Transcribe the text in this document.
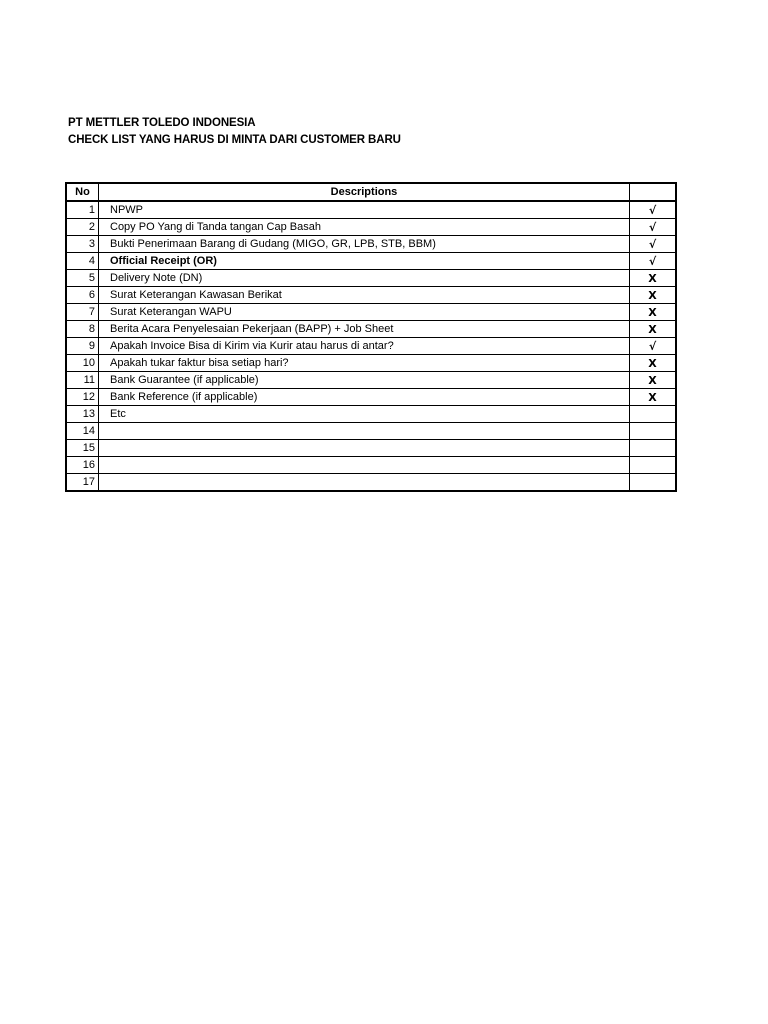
PT METTLER TOLEDO INDONESIA
CHECK LIST YANG HARUS DI MINTA DARI CUSTOMER BARU
No	Descriptions	
1	NPWP	√
2	Copy PO Yang di Tanda tangan Cap Basah	√
3	Bukti Penerimaan Barang di Gudang (MIGO, GR, LPB, STB, BBM)	√
4	Official Receipt (OR)	√
5	Delivery Note (DN)	X
6	Surat Keterangan Kawasan Berikat	X
7	Surat Keterangan WAPU	X
8	Berita Acara Penyelesaian Pekerjaan (BAPP) + Job Sheet	X
9	Apakah Invoice Bisa di Kirim via Kurir atau harus di antar?	√
10	Apakah tukar faktur bisa setiap hari?	X
11	Bank Guarantee (if applicable)	X
12	Bank Reference (if applicable)	X
13	Etc	
14		
15		
16		
17		
